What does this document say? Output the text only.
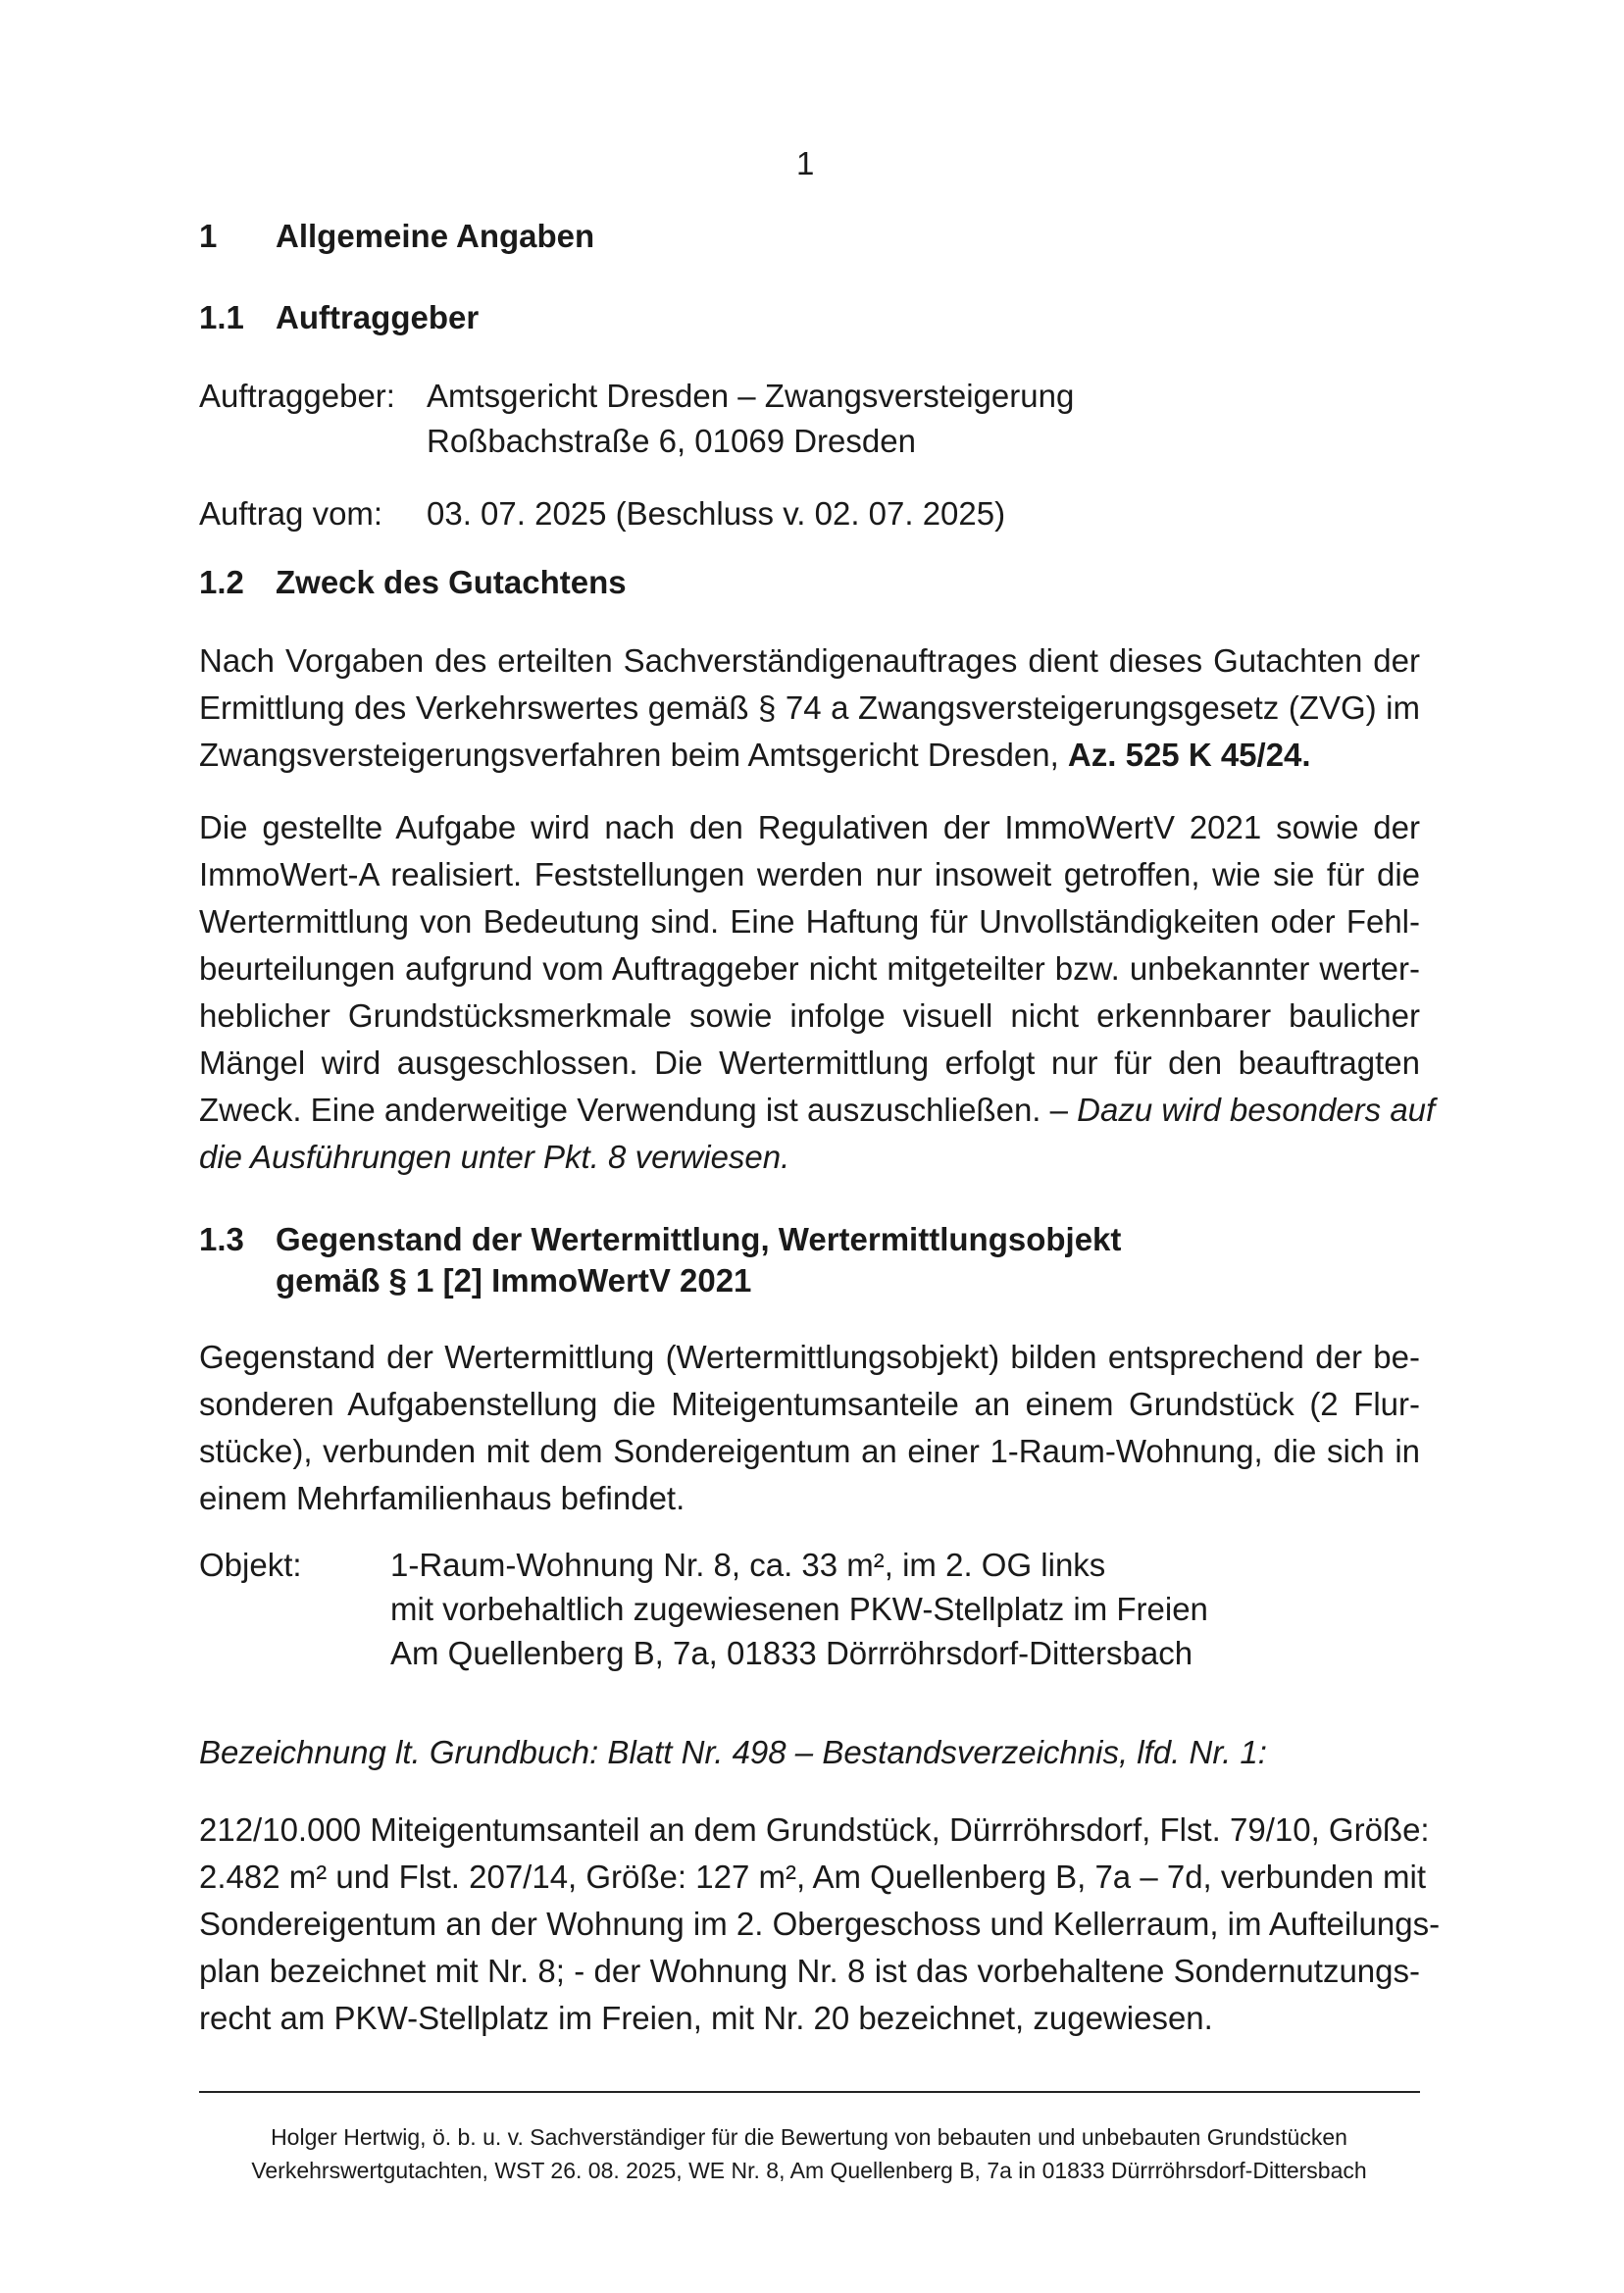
1
1 Allgemeine Angaben
1.1 Auftraggeber
Auftraggeber: Amtsgericht Dresden – Zwangsversteigerung
Roßbachstraße 6, 01069 Dresden
Auftrag vom: 03. 07. 2025 (Beschluss v. 02. 07. 2025)
1.2 Zweck des Gutachtens
Nach Vorgaben des erteilten Sachverständigenauftrages dient dieses Gutachten der
Ermittlung des Verkehrswertes gemäß § 74 a Zwangsversteigerungsgesetz (ZVG) im
Zwangsversteigerungsverfahren beim Amtsgericht Dresden, Az. 525 K 45/24.
Die gestellte Aufgabe wird nach den Regulativen der ImmoWertV 2021 sowie der
ImmoWert-A realisiert. Feststellungen werden nur insoweit getroffen, wie sie für die
Wertermittlung von Bedeutung sind. Eine Haftung für Unvollständigkeiten oder Fehl-
beurteilungen aufgrund vom Auftraggeber nicht mitgeteilter bzw. unbekannter werter-
heblicher Grundstücksmerkmale sowie infolge visuell nicht erkennbarer baulicher
Mängel wird ausgeschlossen. Die Wertermittlung erfolgt nur für den beauftragten
Zweck. Eine anderweitige Verwendung ist auszuschließen. – Dazu wird besonders auf
die Ausführungen unter Pkt. 8 verwiesen.
1.3 Gegenstand der Wertermittlung, Wertermittlungsobjekt
gemäß § 1 [2] ImmoWertV 2021
Gegenstand der Wertermittlung (Wertermittlungsobjekt) bilden entsprechend der be-
sonderen Aufgabenstellung die Miteigentumsanteile an einem Grundstück (2 Flur-
stücke), verbunden mit dem Sondereigentum an einer 1-Raum-Wohnung, die sich in
einem Mehrfamilienhaus befindet.
Objekt:	1-Raum-Wohnung Nr. 8, ca. 33 m², im 2. OG links
mit vorbehaltlich zugewiesenen PKW-Stellplatz im Freien
Am Quellenberg B, 7a, 01833 Dörrröhrsdorf-Dittersbach
Bezeichnung lt. Grundbuch: Blatt Nr. 498 – Bestandsverzeichnis, lfd. Nr. 1:
212/10.000 Miteigentumsanteil an dem Grundstück, Dürrröhrsdorf, Flst. 79/10, Größe:
2.482 m² und Flst. 207/14, Größe: 127 m², Am Quellenberg B, 7a – 7d, verbunden mit
Sondereigentum an der Wohnung im 2. Obergeschoss und Kellerraum, im Aufteilungs-
plan bezeichnet mit Nr. 8; - der Wohnung Nr. 8 ist das vorbehaltene Sondernutzungs-
recht am PKW-Stellplatz im Freien, mit Nr. 20 bezeichnet, zugewiesen.
Holger Hertwig, ö. b. u. v. Sachverständiger für die Bewertung von bebauten und unbebauten Grundstücken
Verkehrswertgutachten, WST 26. 08. 2025, WE Nr. 8, Am Quellenberg B, 7a in 01833 Dürrröhrsdorf-Dittersbach
